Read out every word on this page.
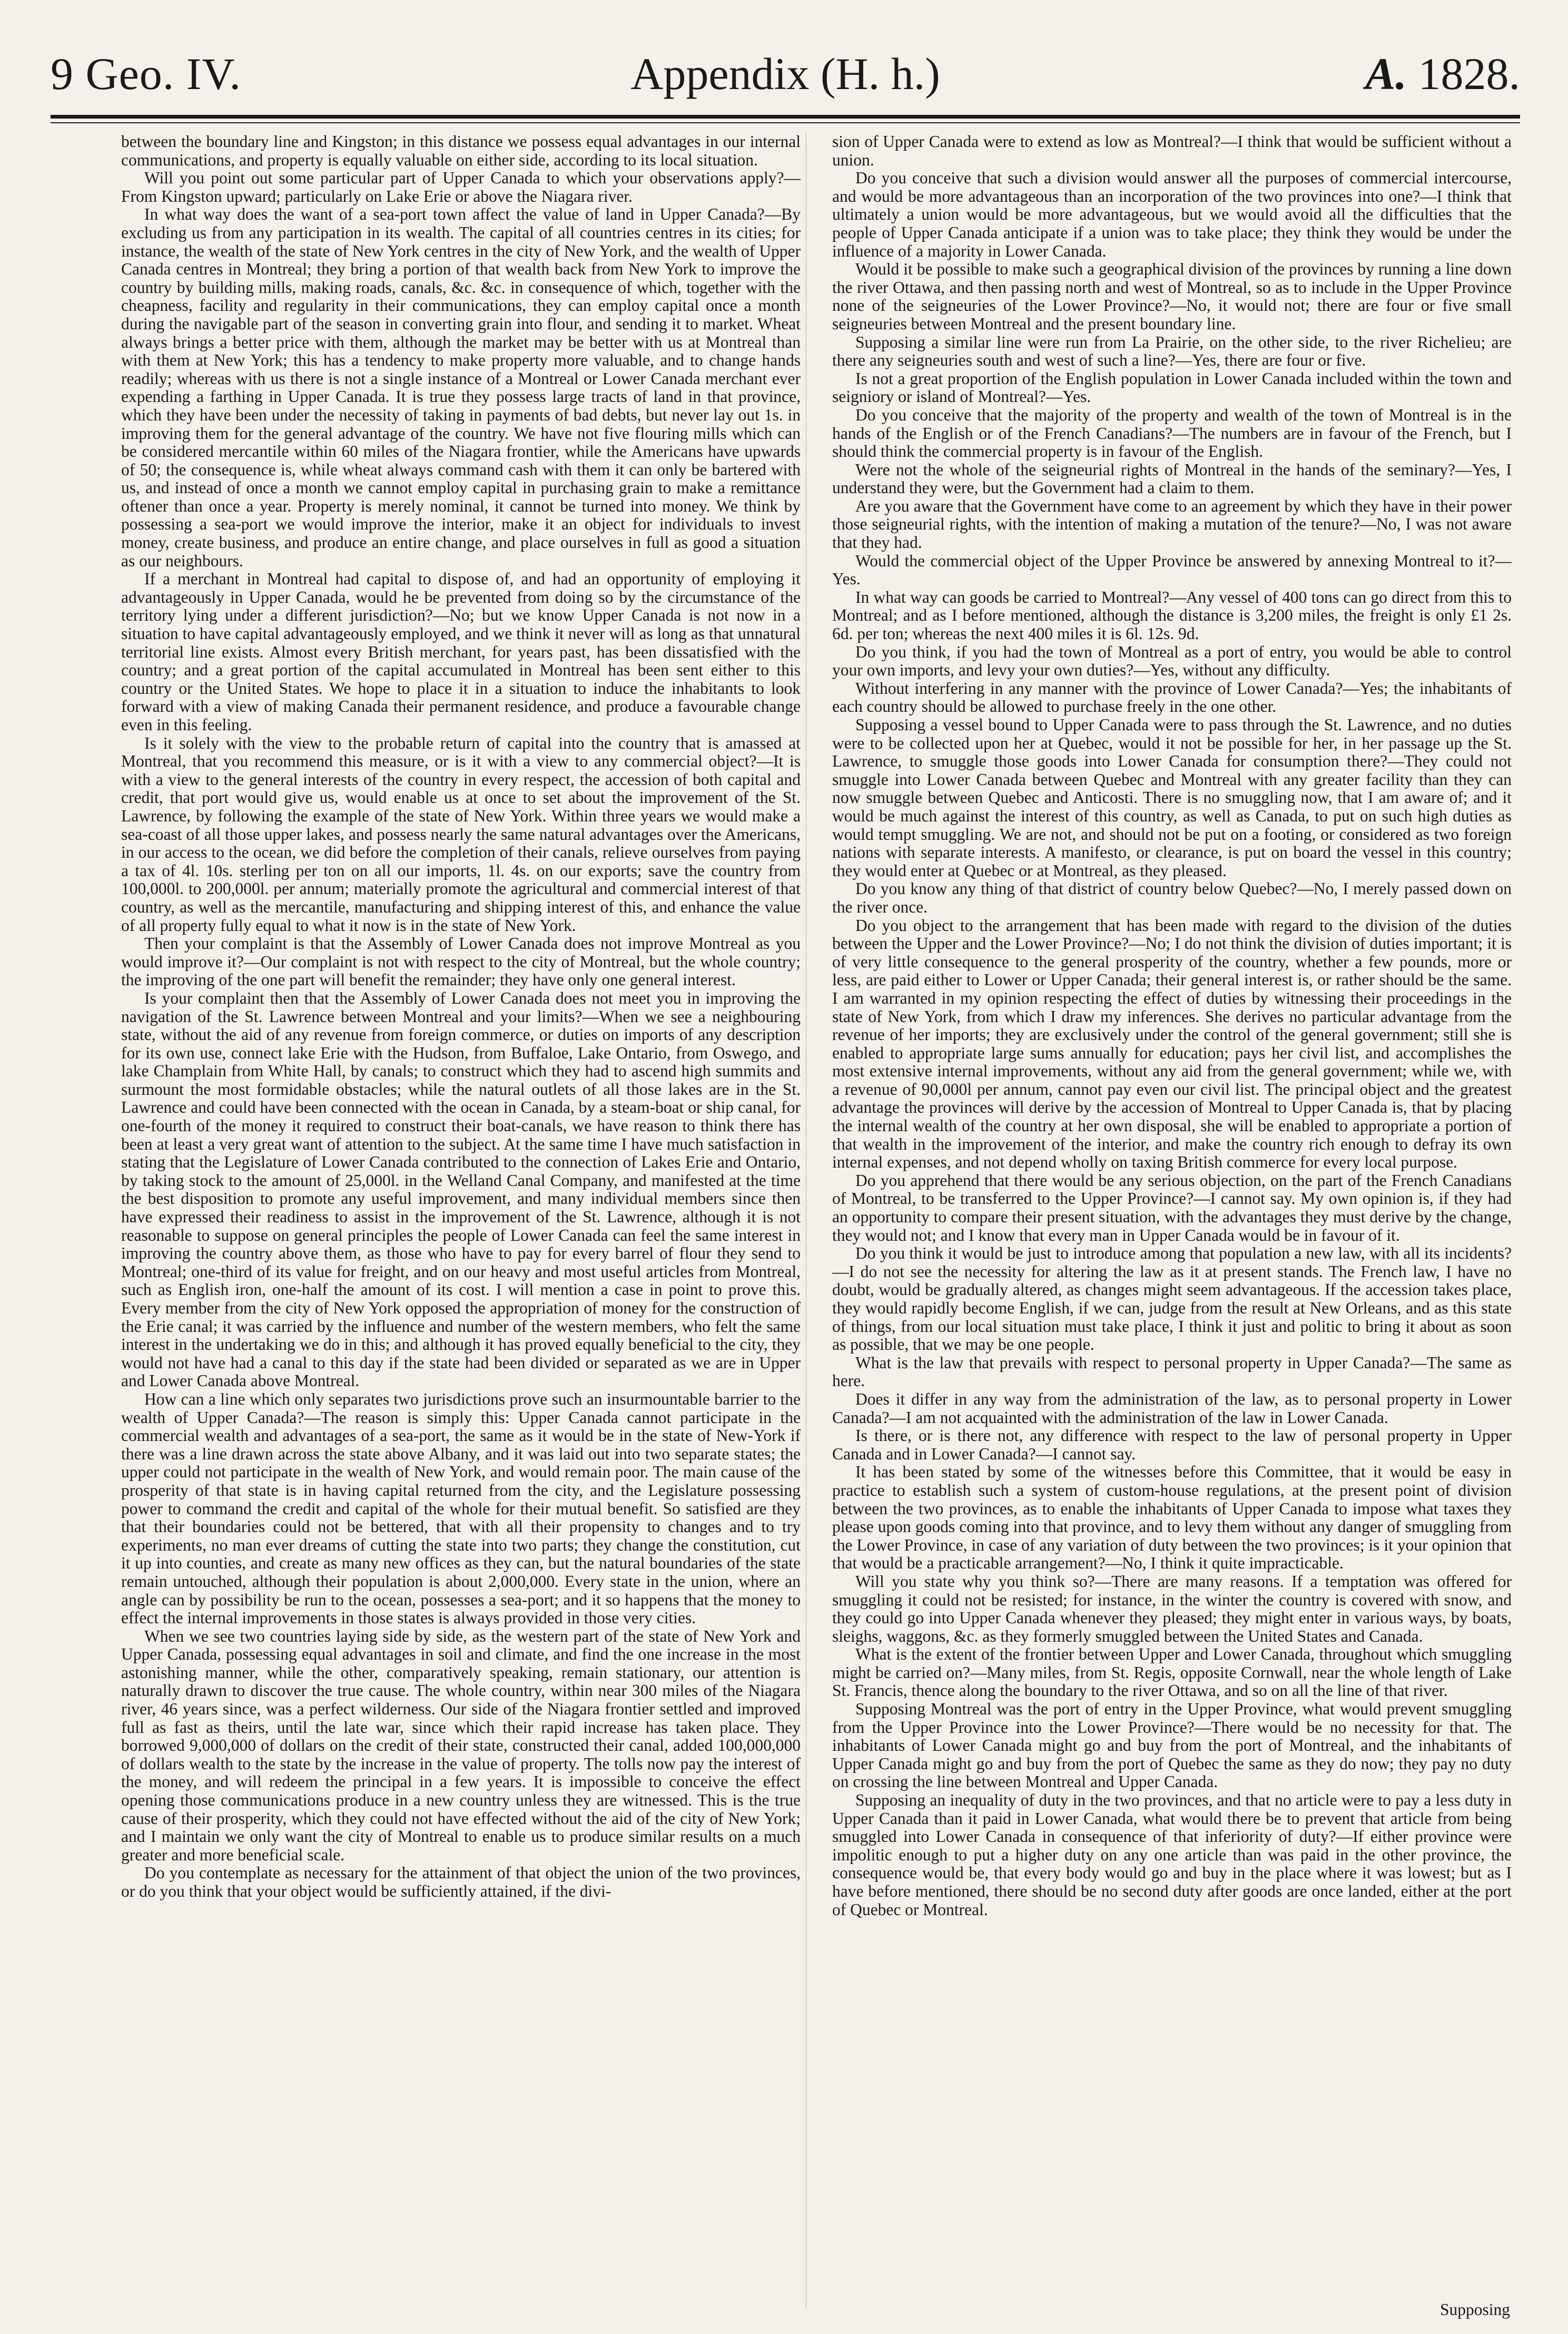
9 Geo. IV.	Appendix (H. h.)	A. 1828.

between the boundary line and Kingston; in this distance we possess equal advantages in our internal communications, and property is equally valuable on either side, according to its local situation.

Will you point out some particular part of Upper Canada to which your observations apply?—From Kingston upward; particularly on Lake Erie or above the Niagara river.

In what way does the want of a sea-port town affect the value of land in Upper Canada?—By excluding us from any participation in its wealth. The capital of all countries centres in its cities; for instance, the wealth of the state of New York centres in the city of New York, and the wealth of Upper Canada centres in Montreal; they bring a portion of that wealth back from New York to improve the country by building mills, making roads, canals, &c. &c. in consequence of which, together with the cheapness, facility and regularity in their communications, they can employ capital once a month during the navigable part of the season in converting grain into flour, and sending it to market. Wheat always brings a better price with them, although the market may be better with us at Montreal than with them at New York; this has a tendency to make property more valuable, and to change hands readily; whereas with us there is not a single instance of a Montreal or Lower Canada merchant ever expending a farthing in Upper Canada. It is true they possess large tracts of land in that province, which they have been under the necessity of taking in payments of bad debts, but never lay out 1s. in improving them for the general advantage of the country. We have not five flouring mills which can be considered mercantile within 60 miles of the Niagara frontier, while the Americans have upwards of 50; the consequence is, while wheat always command cash with them it can only be bartered with us, and instead of once a month we cannot employ capital in purchasing grain to make a remittance oftener than once a year. Property is merely nominal, it cannot be turned into money. We think by possessing a sea-port we would improve the interior, make it an object for individuals to invest money, create business, and produce an entire change, and place ourselves in full as good a situation as our neighbours.

If a merchant in Montreal had capital to dispose of, and had an opportunity of employing it advantageously in Upper Canada, would he be prevented from doing so by the circumstance of the territory lying under a different jurisdiction?—No; but we know Upper Canada is not now in a situation to have capital advantageously employed, and we think it never will as long as that unnatural territorial line exists. Almost every British merchant, for years past, has been dissatisfied with the country; and a great portion of the capital accumulated in Montreal has been sent either to this country or the United States. We hope to place it in a situation to induce the inhabitants to look forward with a view of making Canada their permanent residence, and produce a favourable change even in this feeling.

Is it solely with the view to the probable return of capital into the country that is amassed at Montreal, that you recommend this measure, or is it with a view to any commercial object?—It is with a view to the general interests of the country in every respect, the accession of both capital and credit, that port would give us, would enable us at once to set about the improvement of the St. Lawrence, by following the example of the state of New York. Within three years we would make a sea-coast of all those upper lakes, and possess nearly the same natural advantages over the Americans, in our access to the ocean, we did before the completion of their canals, relieve ourselves from paying a tax of 4l. 10s. sterling per ton on all our imports, 1l. 4s. on our exports; save the country from 100,000l. to 200,000l. per annum; materially promote the agricultural and commercial interest of that country, as well as the mercantile, manufacturing and shipping interest of this, and enhance the value of all property fully equal to what it now is in the state of New York.

Then your complaint is that the Assembly of Lower Canada does not improve Montreal as you would improve it?—Our complaint is not with respect to the city of Montreal, but the whole country; the improving of the one part will benefit the remainder; they have only one general interest.

Is your complaint then that the Assembly of Lower Canada does not meet you in improving the navigation of the St. Lawrence between Montreal and your limits?—When we see a neighbouring state, without the aid of any revenue from foreign commerce, or duties on imports of any description for its own use, connect lake Erie with the Hudson, from Buffaloe, Lake Ontario, from Oswego, and lake Champlain from White Hall, by canals; to construct which they had to ascend high summits and surmount the most formidable obstacles; while the natural outlets of all those lakes are in the St. Lawrence and could have been connected with the ocean in Canada, by a steam-boat or ship canal, for one-fourth of the money it required to construct their boat-canals, we have reason to think there has been at least a very great want of attention to the subject. At the same time I have much satisfaction in stating that the Legislature of Lower Canada contributed to the connection of Lakes Erie and Ontario, by taking stock to the amount of 25,000l. in the Welland Canal Company, and manifested at the time the best disposition to promote any useful improvement, and many individual members since then have expressed their readiness to assist in the improvement of the St. Lawrence, although it is not reasonable to suppose on general principles the people of Lower Canada can feel the same interest in improving the country above them, as those who have to pay for every barrel of flour they send to Montreal; one-third of its value for freight, and on our heavy and most useful articles from Montreal, such as English iron, one-half the amount of its cost. I will mention a case in point to prove this. Every member from the city of New York opposed the appropriation of money for the construction of the Erie canal; it was carried by the influence and number of the western members, who felt the same interest in the undertaking we do in this; and although it has proved equally beneficial to the city, they would not have had a canal to this day if the state had been divided or separated as we are in Upper and Lower Canada above Montreal.

How can a line which only separates two jurisdictions prove such an insurmountable barrier to the wealth of Upper Canada?—The reason is simply this: Upper Canada cannot participate in the commercial wealth and advantages of a sea-port, the same as it would be in the state of New-York if there was a line drawn across the state above Albany, and it was laid out into two separate states; the upper could not participate in the wealth of New York, and would remain poor. The main cause of the prosperity of that state is in having capital returned from the city, and the Legislature possessing power to command the credit and capital of the whole for their mutual benefit. So satisfied are they that their boundaries could not be bettered, that with all their propensity to changes and to try experiments, no man ever dreams of cutting the state into two parts; they change the constitution, cut it up into counties, and create as many new offices as they can, but the natural boundaries of the state remain untouched, although their population is about 2,000,000. Every state in the union, where an angle can by possibility be run to the ocean, possesses a sea-port; and it so happens that the money to effect the internal improvements in those states is always provided in those very cities.

When we see two countries laying side by side, as the western part of the state of New York and Upper Canada, possessing equal advantages in soil and climate, and find the one increase in the most astonishing manner, while the other, comparatively speaking, remain stationary, our attention is naturally drawn to discover the true cause. The whole country, within near 300 miles of the Niagara river, 46 years since, was a perfect wilderness. Our side of the Niagara frontier settled and improved full as fast as theirs, until the late war, since which their rapid increase has taken place. They borrowed 9,000,000 of dollars on the credit of their state, constructed their canal, added 100,000,000 of dollars wealth to the state by the increase in the value of property. The tolls now pay the interest of the money, and will redeem the principal in a few years. It is impossible to conceive the effect opening those communications produce in a new country unless they are witnessed. This is the true cause of their prosperity, which they could not have effected without the aid of the city of New York; and I maintain we only want the city of Montreal to enable us to produce similar results on a much greater and more beneficial scale.

Do you contemplate as necessary for the attainment of that object the union of the two provinces, or do you think that your object would be sufficiently attained, if the divi-

sion of Upper Canada were to extend as low as Montreal?—I think that would be sufficient without a union.

Do you conceive that such a division would answer all the purposes of commercial intercourse, and would be more advantageous than an incorporation of the two provinces into one?—I think that ultimately a union would be more advantageous, but we would avoid all the difficulties that the people of Upper Canada anticipate if a union was to take place; they think they would be under the influence of a majority in Lower Canada.

Would it be possible to make such a geographical division of the provinces by running a line down the river Ottawa, and then passing north and west of Montreal, so as to include in the Upper Province none of the seigneuries of the Lower Province?—No, it would not; there are four or five small seigneuries between Montreal and the present boundary line.

Supposing a similar line were run from La Prairie, on the other side, to the river Richelieu; are there any seigneuries south and west of such a line?—Yes, there are four or five.

Is not a great proportion of the English population in Lower Canada included within the town and seigniory or island of Montreal?—Yes.

Do you conceive that the majority of the property and wealth of the town of Montreal is in the hands of the English or of the French Canadians?—The numbers are in favour of the French, but I should think the commercial property is in favour of the English.

Were not the whole of the seigneurial rights of Montreal in the hands of the seminary?—Yes, I understand they were, but the Government had a claim to them.

Are you aware that the Government have come to an agreement by which they have in their power those seigneurial rights, with the intention of making a mutation of the tenure?—No, I was not aware that they had.

Would the commercial object of the Upper Province be answered by annexing Montreal to it?—Yes.

In what way can goods be carried to Montreal?—Any vessel of 400 tons can go direct from this to Montreal; and as I before mentioned, although the distance is 3,200 miles, the freight is only £1 2s. 6d. per ton; whereas the next 400 miles it is 6l. 12s. 9d.

Do you think, if you had the town of Montreal as a port of entry, you would be able to control your own imports, and levy your own duties?—Yes, without any difficulty.

Without interfering in any manner with the province of Lower Canada?—Yes; the inhabitants of each country should be allowed to purchase freely in the one other.

Supposing a vessel bound to Upper Canada were to pass through the St. Lawrence, and no duties were to be collected upon her at Quebec, would it not be possible for her, in her passage up the St. Lawrence, to smuggle those goods into Lower Canada for consumption there?—They could not smuggle into Lower Canada between Quebec and Montreal with any greater facility than they can now smuggle between Quebec and Anticosti. There is no smuggling now, that I am aware of; and it would be much against the interest of this country, as well as Canada, to put on such high duties as would tempt smuggling. We are not, and should not be put on a footing, or considered as two foreign nations with separate interests. A manifesto, or clearance, is put on board the vessel in this country; they would enter at Quebec or at Montreal, as they pleased.

Do you know any thing of that district of country below Quebec?—No, I merely passed down on the river once.

Do you object to the arrangement that has been made with regard to the division of the duties between the Upper and the Lower Province?—No; I do not think the division of duties important; it is of very little consequence to the general prosperity of the country, whether a few pounds, more or less, are paid either to Lower or Upper Canada; their general interest is, or rather should be the same. I am warranted in my opinion respecting the effect of duties by witnessing their proceedings in the state of New York, from which I draw my inferences. She derives no particular advantage from the revenue of her imports; they are exclusively under the control of the general government; still she is enabled to appropriate large sums annually for education; pays her civil list, and accomplishes the most extensive internal improvements, without any aid from the general government; while we, with a revenue of 90,000l per annum, cannot pay even our civil list. The principal object and the greatest advantage the provinces will derive by the accession of Montreal to Upper Canada is, that by placing the internal wealth of the country at her own disposal, she will be enabled to appropriate a portion of that wealth in the improvement of the interior, and make the country rich enough to defray its own internal expenses, and not depend wholly on taxing British commerce for every local purpose.

Do you apprehend that there would be any serious objection, on the part of the French Canadians of Montreal, to be transferred to the Upper Province?—I cannot say. My own opinion is, if they had an opportunity to compare their present situation, with the advantages they must derive by the change, they would not; and I know that every man in Upper Canada would be in favour of it.

Do you think it would be just to introduce among that population a new law, with all its incidents?—I do not see the necessity for altering the law as it at present stands. The French law, I have no doubt, would be gradually altered, as changes might seem advantageous. If the accession takes place, they would rapidly become English, if we can, judge from the result at New Orleans, and as this state of things, from our local situation must take place, I think it just and politic to bring it about as soon as possible, that we may be one people.

What is the law that prevails with respect to personal property in Upper Canada?—The same as here.

Does it differ in any way from the administration of the law, as to personal property in Lower Canada?—I am not acquainted with the administration of the law in Lower Canada.

Is there, or is there not, any difference with respect to the law of personal property in Upper Canada and in Lower Canada?—I cannot say.

It has been stated by some of the witnesses before this Committee, that it would be easy in practice to establish such a system of custom-house regulations, at the present point of division between the two provinces, as to enable the inhabitants of Upper Canada to impose what taxes they please upon goods coming into that province, and to levy them without any danger of smuggling from the Lower Province, in case of any variation of duty between the two provinces; is it your opinion that that would be a practicable arrangement?—No, I think it quite impracticable.

Will you state why you think so?—There are many reasons. If a temptation was offered for smuggling it could not be resisted; for instance, in the winter the country is covered with snow, and they could go into Upper Canada whenever they pleased; they might enter in various ways, by boats, sleighs, waggons, &c. as they formerly smuggled between the United States and Canada.

What is the extent of the frontier between Upper and Lower Canada, throughout which smuggling might be carried on?—Many miles, from St. Regis, opposite Cornwall, near the whole length of Lake St. Francis, thence along the boundary to the river Ottawa, and so on all the line of that river.

Supposing Montreal was the port of entry in the Upper Province, what would prevent smuggling from the Upper Province into the Lower Province?—There would be no necessity for that. The inhabitants of Lower Canada might go and buy from the port of Montreal, and the inhabitants of Upper Canada might go and buy from the port of Quebec the same as they do now; they pay no duty on crossing the line between Montreal and Upper Canada.

Supposing an inequality of duty in the two provinces, and that no article were to pay a less duty in Upper Canada than it paid in Lower Canada, what would there be to prevent that article from being smuggled into Lower Canada in consequence of that inferiority of duty?—If either province were impolitic enough to put a higher duty on any one article than was paid in the other province, the consequence would be, that every body would go and buy in the place where it was lowest; but as I have before mentioned, there should be no second duty after goods are once landed, either at the port of Quebec or Montreal.

Supposing
